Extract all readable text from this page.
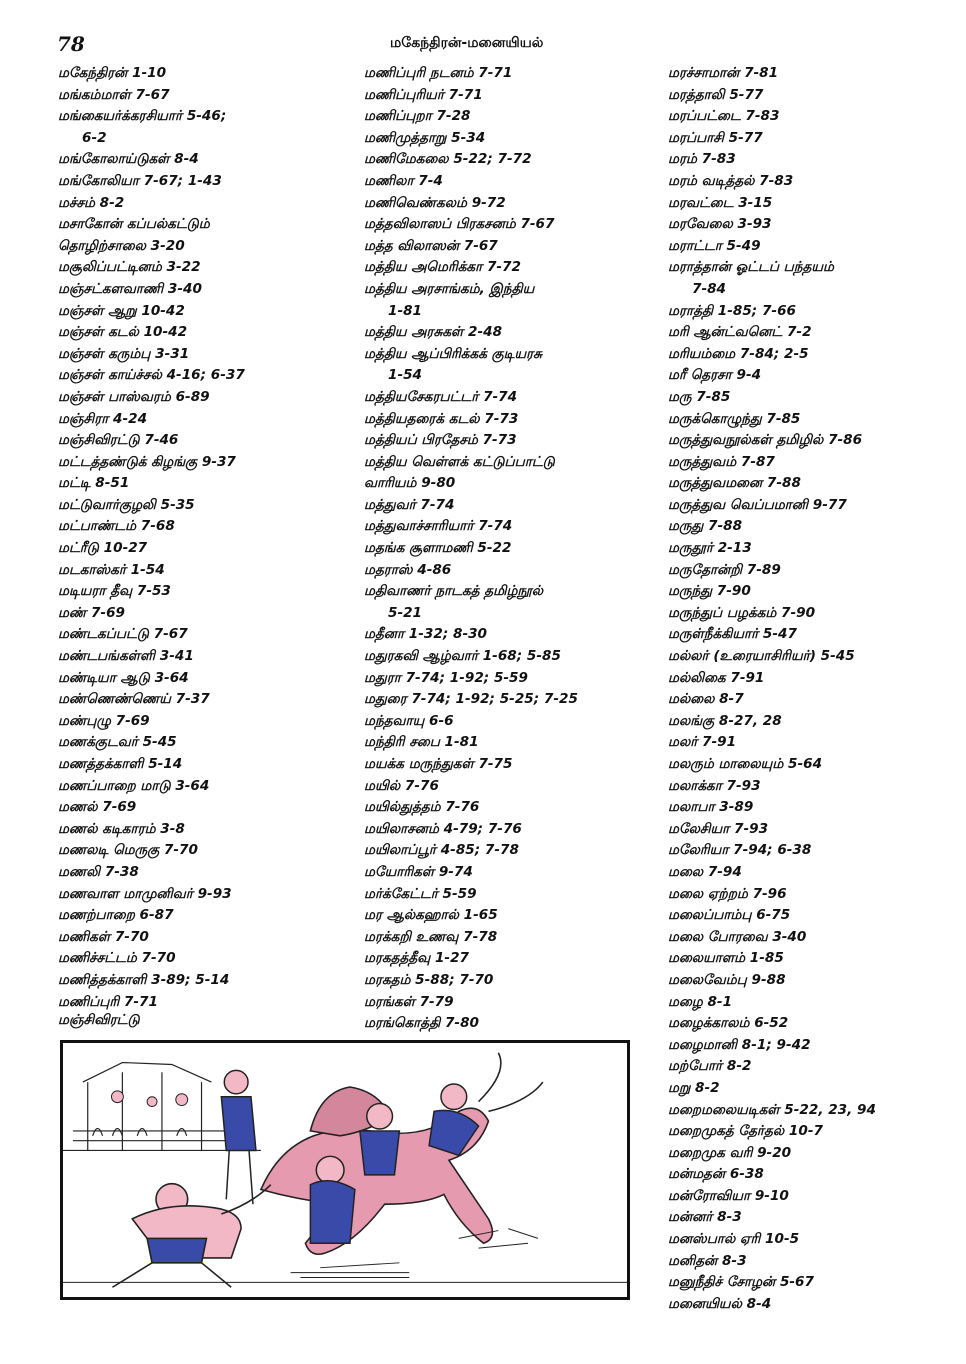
78	மகேந்திரன்-மனையியல்
மகேந்திரன் 1-10
மங்கம்மாள் 7-67
மங்கையர்க்கரசியார் 5-46;
6-2
மங்கோலாய்டுகள் 8-4
மங்கோலியா 7-67; 1-43
மச்சம் 8-2
மசாகோன் கப்பல்கட்டும்
தொழிற்சாலை 3-20
மசூலிப்பட்டினம் 3-22
மஞ்சட்களவாணி 3-40
மஞ்சள் ஆறு 10-42
மஞ்சள் கடல் 10-42
மஞ்சள் கரும்பு 3-31
மஞ்சள் காய்ச்சல் 4-16; 6-37
மஞ்சள் பாஸ்வரம் 6-89
மஞ்சிரா 4-24
மஞ்சிவிரட்டு 7-46
மட்டத்தண்டுக் கிழங்கு 9-37
மட்டி 8-51
மட்டுவார்குழலி 5-35
மட்பாண்டம் 7-68
மட்ரீடு 10-27
மடகாஸ்கர் 1-54
மடியரா தீவு 7-53
மண் 7-69
மண்டகப்பட்டு 7-67
மண்டபங்கள்ளி 3-41
மண்டியா ஆடு 3-64
மண்ணெண்ணெய் 7-37
மண்புழு 7-69
மணக்குடவர் 5-45
மணத்தக்காளி 5-14
மணப்பாறை மாடு 3-64
மணல் 7-69
மணல் கடிகாரம் 3-8
மணலடி மெருகு 7-70
மணலி 7-38
மணவாள மாமுனிவர் 9-93
மணற்பாறை 6-87
மணிகள் 7-70
மணிச்சட்டம் 7-70
மணித்தக்காளி 3-89; 5-14
மணிப்புரி 7-71
மணிப்புரி நடனம் 7-71
மணிப்புரியர் 7-71
மணிப்புறா 7-28
மணிமுத்தாறு 5-34
மணிமேகலை 5-22; 7-72
மணிலா 7-4
மணிவெண்கலம் 9-72
மத்தவிலாஸப் பிரகசனம் 7-67
மத்த விலாஸன் 7-67
மத்திய அமெரிக்கா 7-72
மத்திய அரசாங்கம், இந்திய
1-81
மத்திய அரசுகள் 2-48
மத்திய ஆப்பிரிக்கக் குடியரசு
1-54
மத்தியசேகரபட்டர் 7-74
மத்தியதரைக் கடல் 7-73
மத்தியப் பிரதேசம் 7-73
மத்திய வெள்ளக் கட்டுப்பாட்டு
வாரியம் 9-80
மத்துவர் 7-74
மத்துவாச்சாரியார் 7-74
மதங்க சூளாமணி 5-22
மதராஸ் 4-86
மதிவாணர் நாடகத் தமிழ்நூல்
5-21
மதீனா 1-32; 8-30
மதுரகவி ஆழ்வார் 1-68; 5-85
மதுரா 7-74; 1-92; 5-59
மதுரை 7-74; 1-92; 5-25; 7-25
மந்தவாயு 6-6
மந்திரி சபை 1-81
மயக்க மருந்துகள் 7-75
மயில் 7-76
மயில்துத்தம் 7-76
மயிலாசனம் 4-79; 7-76
மயிலாப்பூர் 4-85; 7-78
மயோரிகள் 9-74
மர்க்கேட்டர் 5-59
மர ஆல்கஹால் 1-65
மரக்கறி உணவு 7-78
மரகதத்தீவு 1-27
மரகதம் 5-88; 7-70
மரங்கள் 7-79
மரங்கொத்தி 7-80
மரச்சாமான் 7-81
மரத்தாலி 5-77
மரப்பட்டை 7-83
மரப்பாசி 5-77
மரம் 7-83
மரம் வடித்தல் 7-83
மரவட்டை 3-15
மரவேலை 3-93
மராட்டா 5-49
மராத்தான் ஓட்டப் பந்தயம்
7-84
மராத்தி 1-85; 7-66
மரி ஆன்ட்வனெட் 7-2
மரியம்மை 7-84; 2-5
மரீ தெரசா 9-4
மரு 7-85
மருக்கொழுந்து 7-85
மருத்துவநூல்கள் தமிழில் 7-86
மருத்துவம் 7-87
மருத்துவமனை 7-88
மருத்துவ வெப்பமானி 9-77
மருது 7-88
மருதூர் 2-13
மருதோன்றி 7-89
மருந்து 7-90
மருந்துப் பழக்கம் 7-90
மருள்நீக்கியார் 5-47
மல்லர் (உரையாசிரியர்) 5-45
மல்லிகை 7-91
மல்லை 8-7
மலங்கு 8-27, 28
மலர் 7-91
மலரும் மாலையும் 5-64
மலாக்கா 7-93
மலாபா 3-89
மலேசியா 7-93
மலேரியா 7-94; 6-38
மலை 7-94
மலை ஏற்றம் 7-96
மலைப்பாம்பு 6-75
மலை போரவை 3-40
மலையாளம் 1-85
மலைவேம்பு 9-88
மழை 8-1
மழைக்காலம் 6-52
மழைமானி 8-1; 9-42
மற்போர் 8-2
மறு 8-2
மறைமலையடிகள் 5-22, 23, 94
மறைமுகத் தேர்தல் 10-7
மறைமுக வரி 9-20
மன்மதன் 6-38
மன்ரோவியா 9-10
மன்னர் 8-3
மனஸ்பால் ஏரி 10-5
மனிதன் 8-3
மனுநீதிச் சோழன் 5-67
மனையியல் 8-4
மஞ்சிவிரட்டு
